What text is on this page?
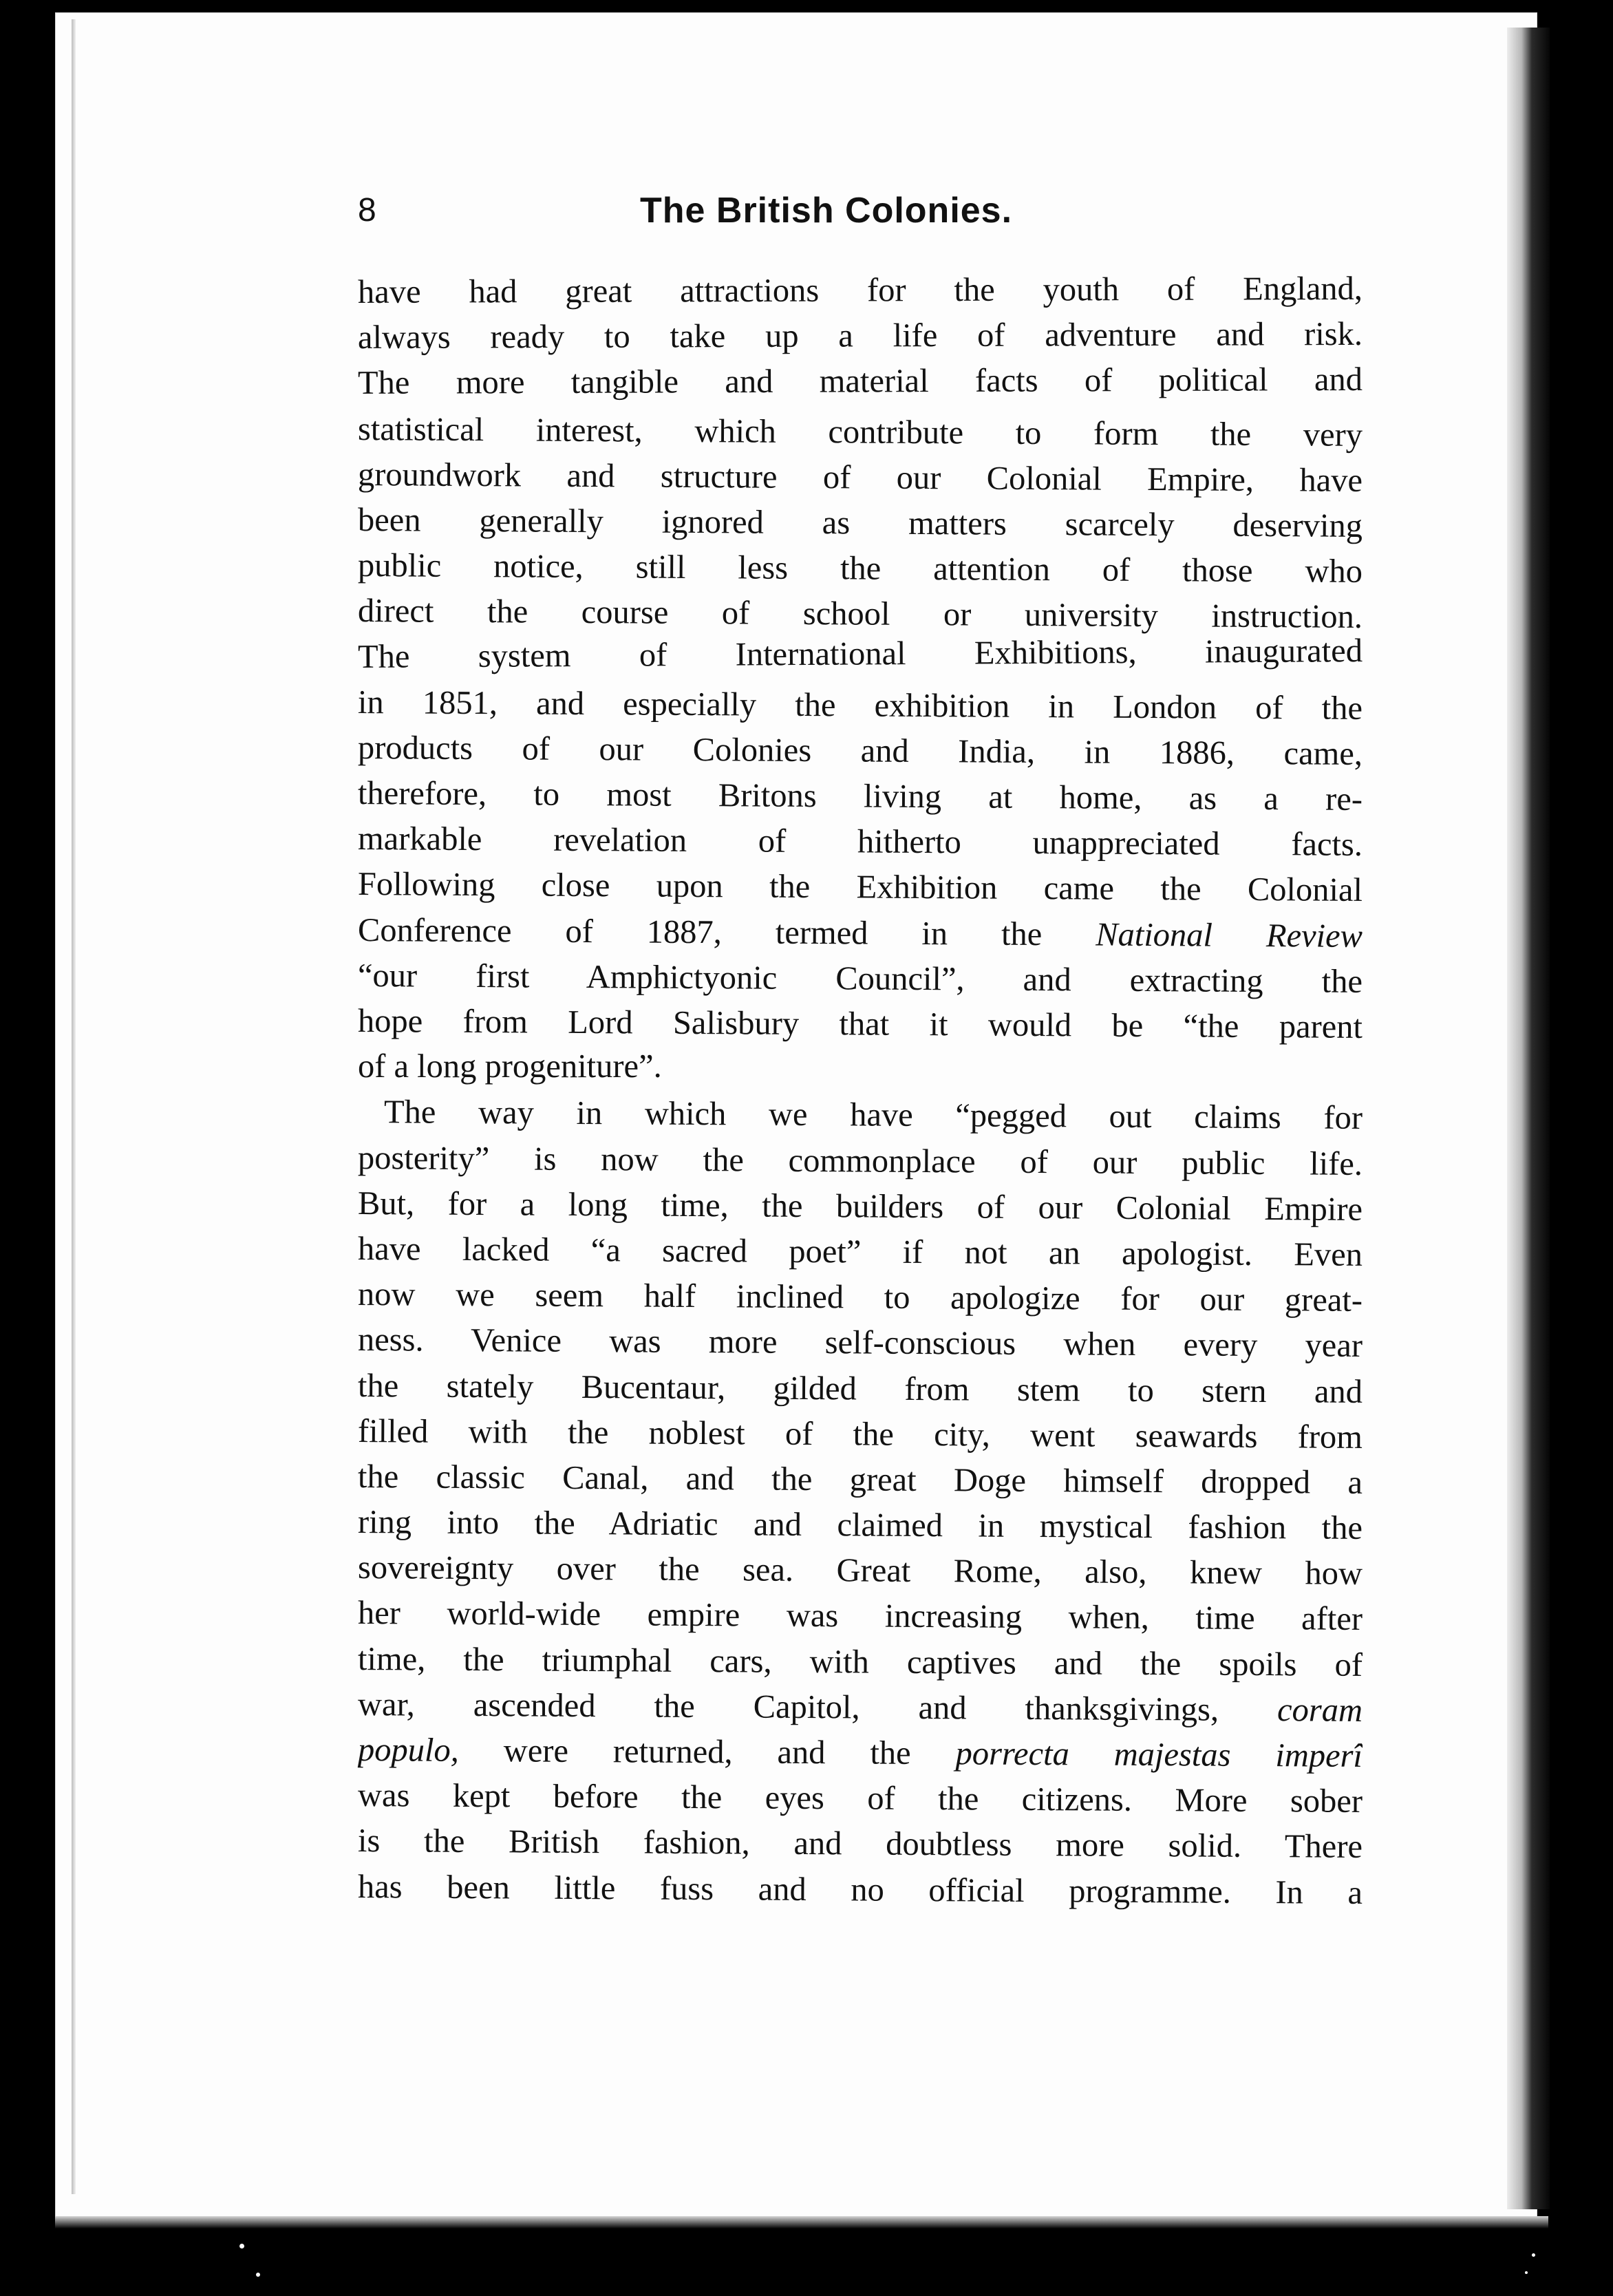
8	The British Colonies.
have had great attractions for the youth of England,
always ready to take up a life of adventure and risk.
The more tangible and material facts of political and
statistical interest, which contribute to form the very
groundwork and structure of our Colonial Empire, have
been generally ignored as matters scarcely deserving
public notice, still less the attention of those who
direct the course of school or university instruction.
The system of International Exhibitions, inaugurated
in 1851, and especially the exhibition in London of the
products of our Colonies and India, in 1886, came,
therefore, to most Britons living at home, as a re-
markable revelation of hitherto unappreciated facts.
Following close upon the Exhibition came the Colonial
Conference of 1887, termed in the National Review
“our first Amphictyonic Council”, and extracting the
hope from Lord Salisbury that it would be “the parent
of a long progeniture”.
The way in which we have “pegged out claims for
posterity” is now the commonplace of our public life.
But, for a long time, the builders of our Colonial Empire
have lacked “a sacred poet” if not an apologist. Even
now we seem half inclined to apologize for our great-
ness. Venice was more self-conscious when every year
the stately Bucentaur, gilded from stem to stern and
filled with the noblest of the city, went seawards from
the classic Canal, and the great Doge himself dropped a
ring into the Adriatic and claimed in mystical fashion the
sovereignty over the sea. Great Rome, also, knew how
her world-wide empire was increasing when, time after
time, the triumphal cars, with captives and the spoils of
war, ascended the Capitol, and thanksgivings, coram
populo, were returned, and the porrecta majestas imperî
was kept before the eyes of the citizens. More sober
is the British fashion, and doubtless more solid. There
has been little fuss and no official programme. In a
